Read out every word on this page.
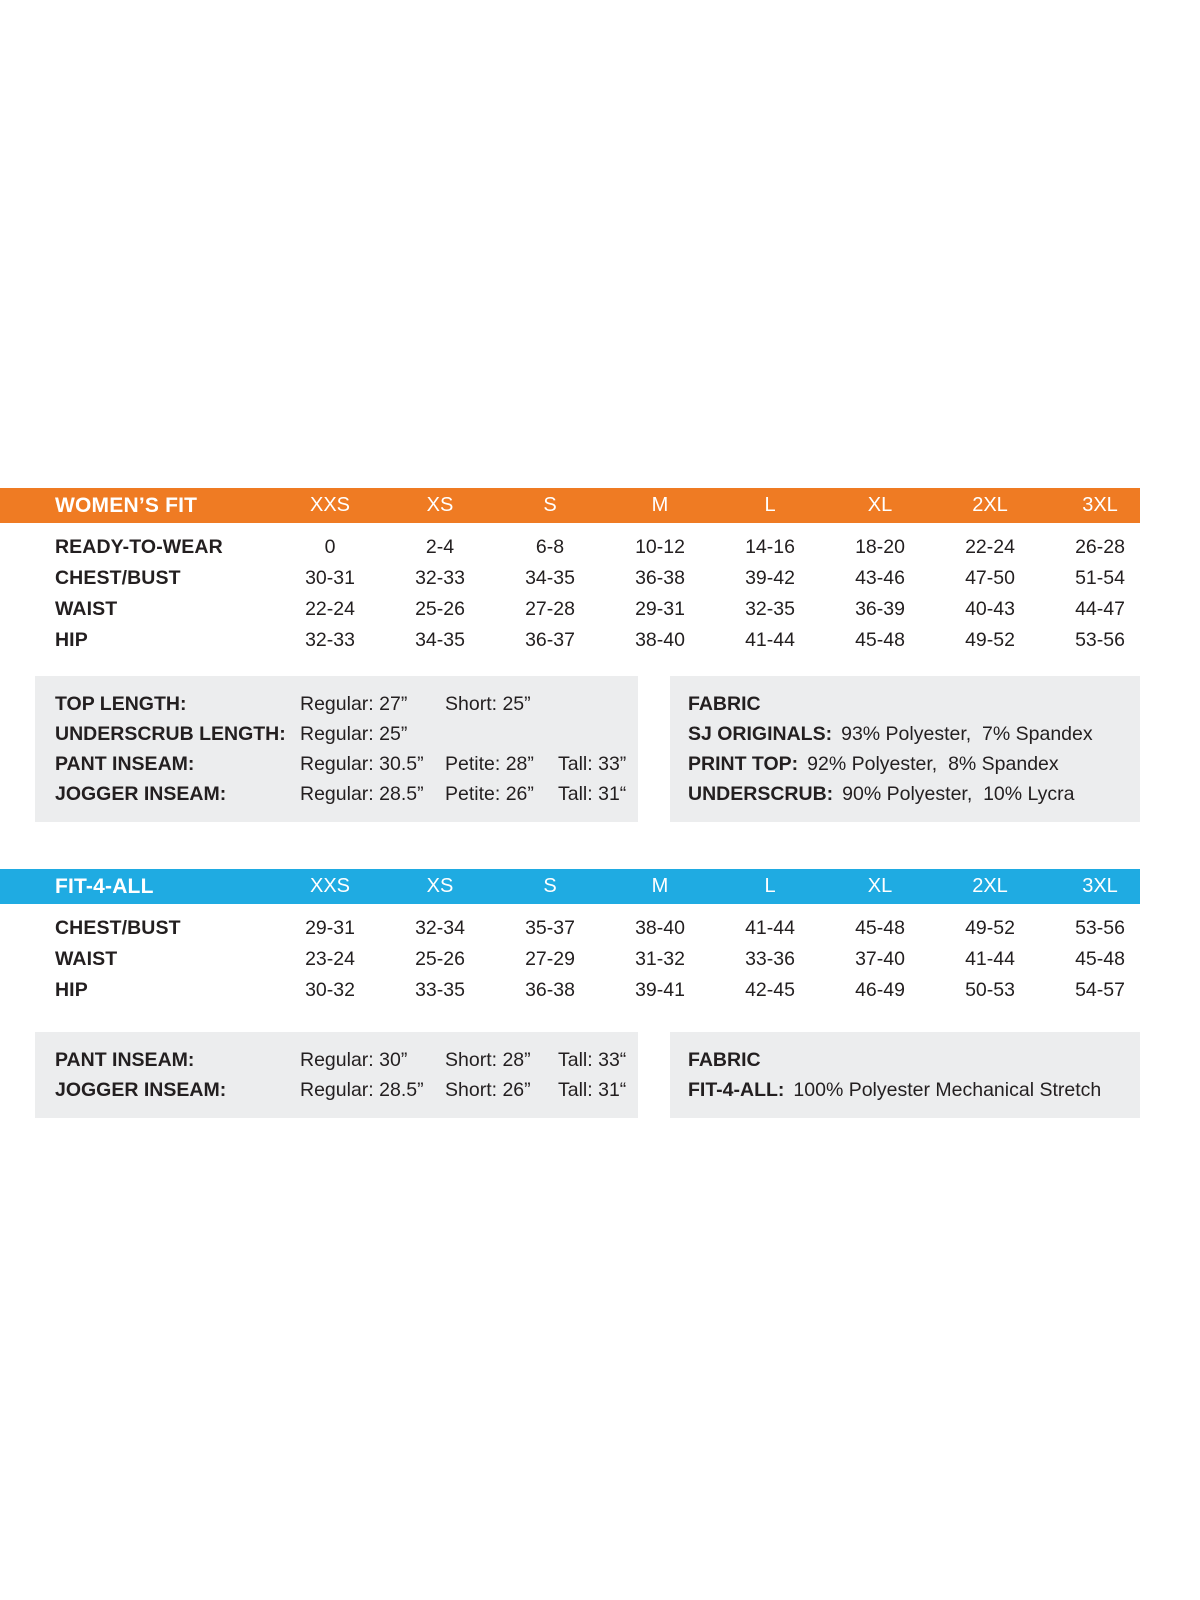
WOMEN’S FIT	XXS	XS	S	M	L	XL	2XL	3XL
READY-TO-WEAR	0	2-4	6-8	10-12	14-16	18-20	22-24	26-28
CHEST/BUST	30-31	32-33	34-35	36-38	39-42	43-46	47-50	51-54
WAIST	22-24	25-26	27-28	29-31	32-35	36-39	40-43	44-47
HIP	32-33	34-35	36-37	38-40	41-44	45-48	49-52	53-56
TOP LENGTH:	Regular: 27”	Short: 25”
UNDERSCRUB LENGTH: Regular: 25”
PANT INSEAM:	Regular: 30.5”	Petite: 28”	Tall: 33”
JOGGER INSEAM:	Regular: 28.5”	Petite: 26”	Tall: 31“
FABRIC
SJ ORIGINALS: 93% Polyester,  7% Spandex
PRINT TOP: 92% Polyester,  8% Spandex
UNDERSCRUB: 90% Polyester,  10% Lycra
FIT-4-ALL	XXS	XS	S	M	L	XL	2XL	3XL
CHEST/BUST	29-31	32-34	35-37	38-40	41-44	45-48	49-52	53-56
WAIST	23-24	25-26	27-29	31-32	33-36	37-40	41-44	45-48
HIP	30-32	33-35	36-38	39-41	42-45	46-49	50-53	54-57
PANT INSEAM:	Regular: 30”	Short: 28”	Tall: 33“
JOGGER INSEAM:	Regular: 28.5”	Short: 26”	Tall: 31“
FABRIC
FIT-4-ALL: 100% Polyester Mechanical Stretch
